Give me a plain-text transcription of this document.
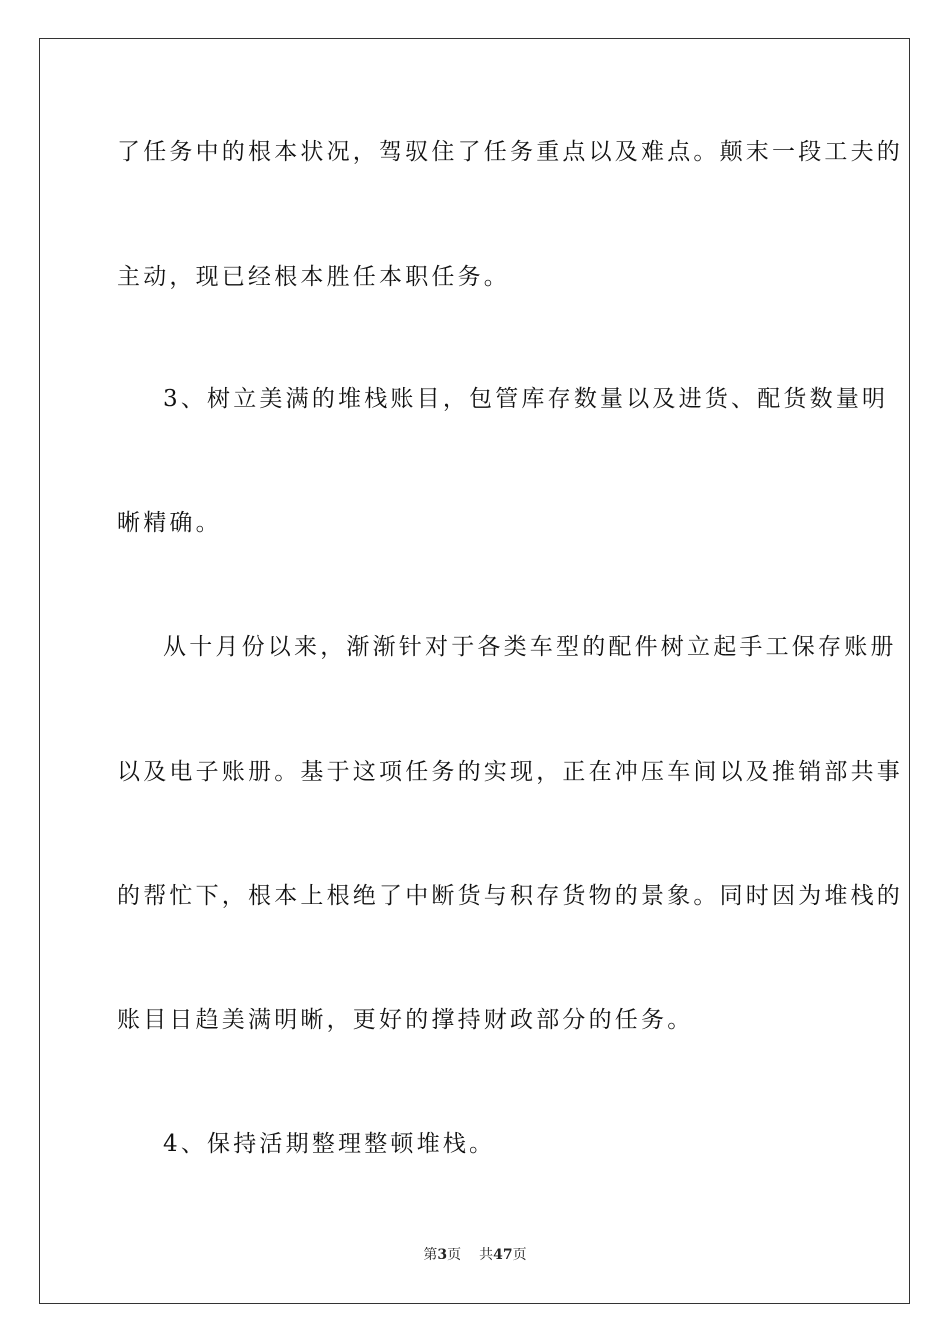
了任务中的根本状况，驾驭住了任务重点以及难点。颠末一段工夫的
主动，现已经根本胜任本职任务。
3、树立美满的堆栈账目，包管库存数量以及进货、配货数量明
晰精确。
从十月份以来，渐渐针对于各类车型的配件树立起手工保存账册
以及电子账册。基于这项任务的实现，正在冲压车间以及推销部共事
的帮忙下，根本上根绝了中断货与积存货物的景象。同时因为堆栈的
账目日趋美满明晰，更好的撑持财政部分的任务。
4、保持活期整理整顿堆栈。
第3页 共47页
